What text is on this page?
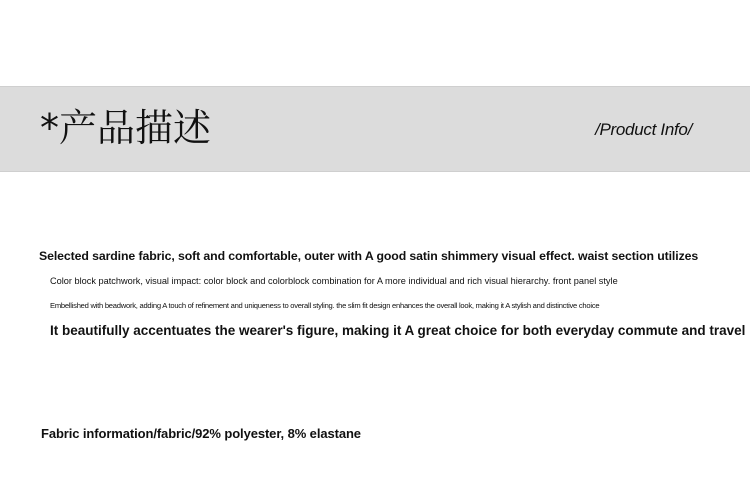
*产品描述	/Product Info/
Selected sardine fabric, soft and comfortable, outer with A good satin shimmery visual effect. waist section utilizes
Color block patchwork, visual impact: color block and colorblock combination for A more individual and rich visual hierarchy. front panel style
Embellished with beadwork, adding A touch of refinement and uniqueness to overall styling. the slim fit design enhances the overall look, making it A stylish and distinctive choice
It beautifully accentuates the wearer's figure, making it A great choice for both everyday commute and travel
Fabric information/fabric/92% polyester, 8% elastane
